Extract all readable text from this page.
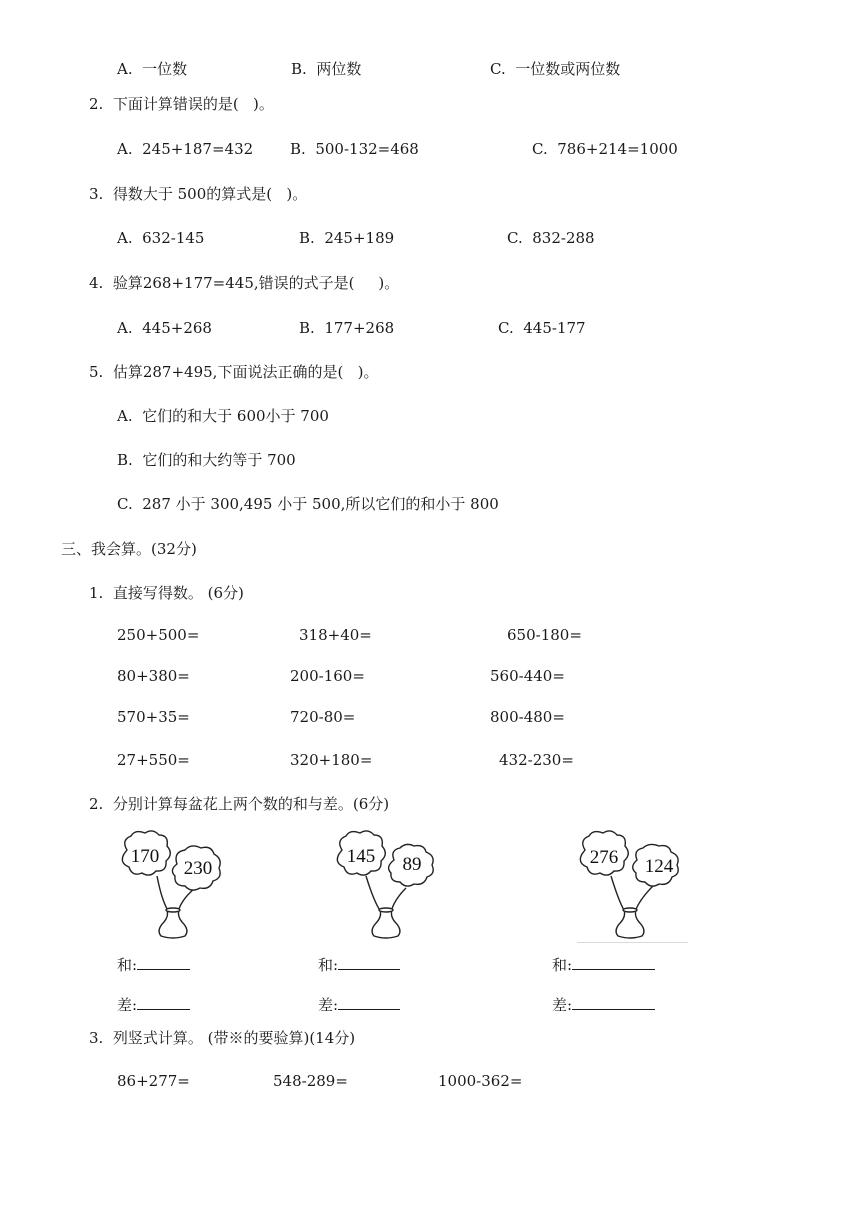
A.  一位数	B.  两位数	C.  一位数或两位数
2.  下面计算错误的是(   )。
A.  245+187=432 B.  500-132=468	C.  786+214=1000
3.  得数大于 500的算式是(   )。
A.  632-145	B.  245+189	C.  832-288
4.  验算268+177=445,错误的式子是(     )。
A.  445+268	B.  177+268	C.  445-177
5.  估算287+495,下面说法正确的是(   )。
A.  它们的和大于 600小于 700
B.  它们的和大约等于 700
C.  287 小于 300,495 小于 500,所以它们的和小于 800
三、我会算。(32分)
1.  直接写得数。 (6分)
250+500=	318+40=	650-180=
80+380=	200-160=	560-440=
570+35=	720-80=	800-480=
27+550=	320+180=	432-230=
2.  分别计算每盆花上两个数的和与差。(6分)
170
230
145 89	276 124
和:	和:	和:
差:	差:	差:
3.  列竖式计算。 (带※的要验算)(14分)
86+277=	548-289=	1000-362=
